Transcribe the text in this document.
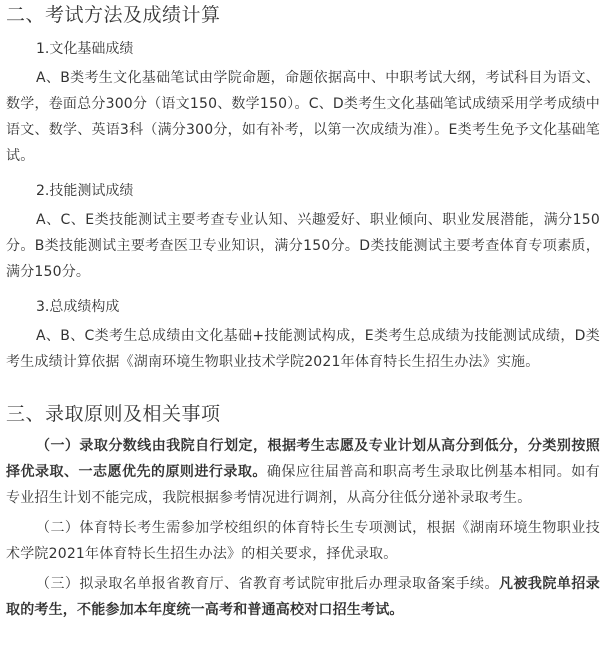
二、考试方法及成绩计算
1.文化基础成绩

A、B类考生文化基础笔试由学院命题，命题依据高中、中职考试大纲，考试科目为语文、数学，卷面总分300分（语文150、数学150）。C、D类考生文化基础笔试成绩采用学考成绩中语文、数学、英语3科（满分300分，如有补考，以第一次成绩为准）。E类考生免予文化基础笔试。

2.技能测试成绩

A、C、E类技能测试主要考查专业认知、兴趣爱好、职业倾向、职业发展潜能，满分150分。B类技能测试主要考查医卫专业知识，满分150分。D类技能测试主要考查体育专项素质，满分150分。

3.总成绩构成

A、B、C类考生总成绩由文化基础+技能测试构成，E类考生总成绩为技能测试成绩，D类考生成绩计算依据《湖南环境生物职业技术学院2021年体育特长生招生办法》实施。

三、录取原则及相关事项

（一）录取分数线由我院自行划定，根据考生志愿及专业计划从高分到低分，分类别按照择优录取、一志愿优先的原则进行录取。确保应往届普高和职高考生录取比例基本相同。如有专业招生计划不能完成，我院根据参考情况进行调剂，从高分往低分递补录取考生。

（二）体育特长考生需参加学校组织的体育特长生专项测试，根据《湖南环境生物职业技术学院2021年体育特长生招生办法》的相关要求，择优录取。

（三）拟录取名单报省教育厅、省教育考试院审批后办理录取备案手续。凡被我院单招录取的考生，不能参加本年度统一高考和普通高校对口招生考试。
